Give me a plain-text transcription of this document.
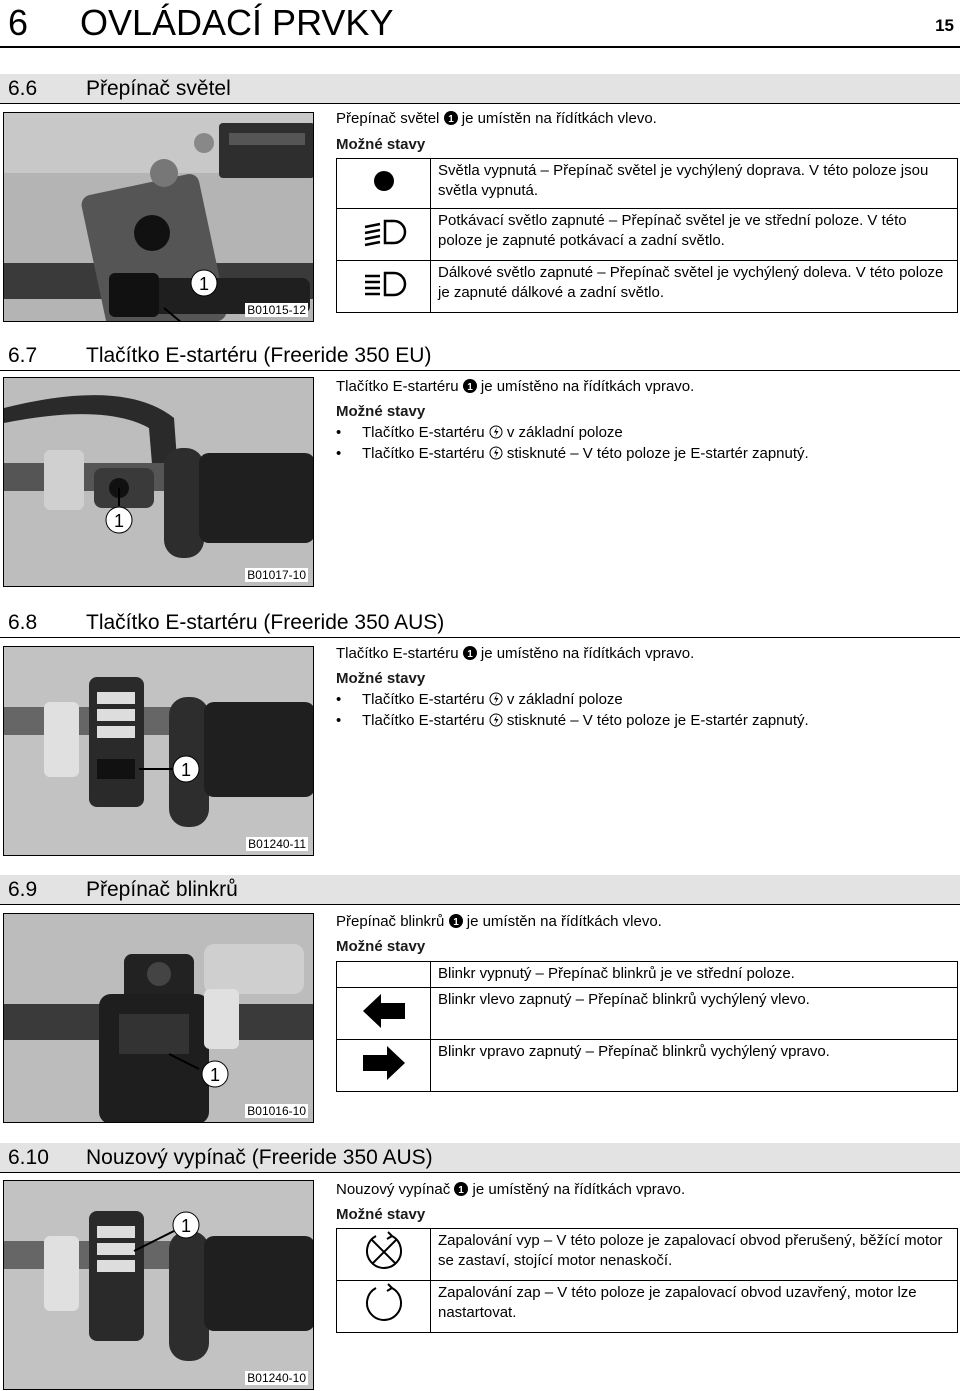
6 OVLÁDACÍ PRVKY	15
6.6 Přepínač světel
1
B01015-12
Přepínač světel 1 je umístěn na řídítkách vlevo.
Možné stavy
	Světla vypnutá – Přepínač světel je vychýlený doprava. V této poloze jsou světla vypnutá.
	Potkávací světlo zapnuté – Přepínač světel je ve střední poloze. V této poloze je zapnuté potkávací a zadní světlo.
	Dálkové světlo zapnuté – Přepínač světel je vychýlený doleva. V této poloze je zapnuté dálkové a zadní světlo.
6.7 Tlačítko E-startéru (Freeride 350 EU)
1
B01017-10
Tlačítko E-startéru 1 je umístěno na řídítkách vpravo.
Možné stavy
• Tlačítko E-startéru  v základní poloze
• Tlačítko E-startéru  stisknuté – V této poloze je E-startér zapnutý.
6.8 Tlačítko E-startéru (Freeride 350 AUS)
1
B01240-11
Tlačítko E-startéru 1 je umístěno na řídítkách vpravo.
Možné stavy
• Tlačítko E-startéru  v základní poloze
• Tlačítko E-startéru  stisknuté – V této poloze je E-startér zapnutý.
6.9 Přepínač blinkrů
1
B01016-10
Přepínač blinkrů 1 je umístěn na řídítkách vlevo.
Možné stavy
	Blinkr vypnutý – Přepínač blinkrů je ve střední poloze.
	Blinkr vlevo zapnutý – Přepínač blinkrů vychýlený vlevo.
	Blinkr vpravo zapnutý – Přepínač blinkrů vychýlený vpravo.
6.10 Nouzový vypínač (Freeride 350 AUS)
1
B01240-10
Nouzový vypínač 1 je umístěný na řídítkách vpravo.
Možné stavy
	Zapalování vyp – V této poloze je zapalovací obvod přerušený, běžící motor se zastaví, stojící motor nenaskočí.
	Zapalování zap – V této poloze je zapalovací obvod uzavřený, motor lze nastartovat.
